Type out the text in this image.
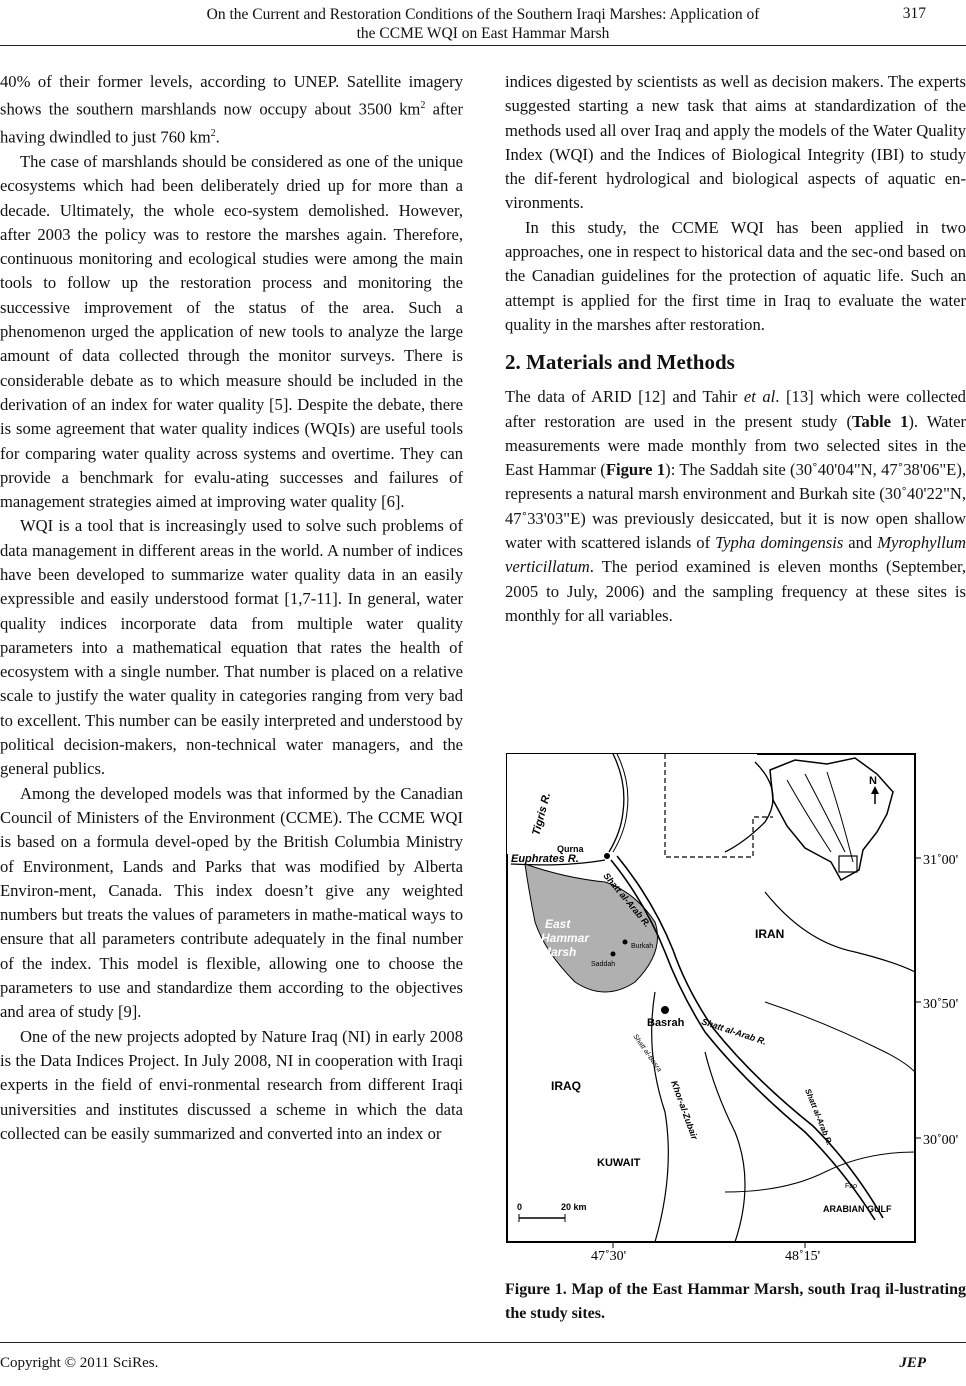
On the Current and Restoration Conditions of the Southern Iraqi Marshes: Application of
the CCME WQI on East Hammar Marsh
317

40% of their former levels, according to UNEP. Satellite imagery shows the southern marshlands now occupy about 3500 $km^2$ after having dwindled to just 760 $km^2$.

The case of marshlands should be considered as one of the unique ecosystems which had been deliberately dried up for more than a decade. Ultimately, the whole eco-system demolished. However, after 2003 the policy was to restore the marshes again. Therefore, continuous monitoring and ecological studies were among the main tools to follow up the restoration process and monitoring the successive improvement of the status of the area. Such a phenomenon urged the application of new tools to analyze the large amount of data collected through the monitor surveys. There is considerable debate as to which measure should be included in the derivation of an index for water quality [5]. Despite the debate, there is some agreement that water quality indices (WQIs) are useful tools for comparing water quality across systems and overtime. They can provide a benchmark for evalu-ating successes and failures of management strategies aimed at improving water quality [6].

WQI is a tool that is increasingly used to solve such problems of data management in different areas in the world. A number of indices have been developed to summarize water quality data in an easily expressible and easily understood format [1,7-11]. In general, water quality indices incorporate data from multiple water quality parameters into a mathematical equation that rates the health of ecosystem with a single number. That number is placed on a relative scale to justify the water quality in categories ranging from very bad to excellent. This number can be easily interpreted and understood by political decision-makers, non-technical water managers, and the general publics.

Among the developed models was that informed by the Canadian Council of Ministers of the Environment (CCME). The CCME WQI is based on a formula devel-oped by the British Columbia Ministry of Environment, Lands and Parks that was modified by Alberta Environ-ment, Canada. This index doesn’t give any weighted numbers but treats the values of parameters in mathe-matical ways to ensure that all parameters contribute adequately in the final number of the index. This model is flexible, allowing one to choose the parameters to use and standardize them according to the objectives and area of study [9].

One of the new projects adopted by Nature Iraq (NI) in early 2008 is the Data Indices Project. In July 2008, NI in cooperation with Iraqi experts in the field of envi-ronmental research from different Iraqi universities and institutes discussed a scheme in which the data collected can be easily summarized and converted into an index or

indices digested by scientists as well as decision makers. The experts suggested starting a new task that aims at standardization of the methods used all over Iraq and apply the models of the Water Quality Index (WQI) and the Indices of Biological Integrity (IBI) to study the dif-ferent hydrological and biological aspects of aquatic en-vironments.

In this study, the CCME WQI has been applied in two approaches, one in respect to historical data and the sec-ond based on the Canadian guidelines for the protection of aquatic life. Such an attempt is applied for the first time in Iraq to evaluate the water quality in the marshes after restoration.

2. Materials and Methods

The data of ARID [12] and Tahir et al. [13] which were collected after restoration are used in the present study (Table 1). Water measurements were made monthly from two selected sites in the East Hammar (Figure 1): The Saddah site (30˚40'04"N, 47˚38'06"E), represents a natural marsh environment and Burkah site (30˚40'22"N, 47˚33'03"E) was previously desiccated, but it is now open shallow water with scattered islands of Typha domingensis and Myrophyllum verticillatum. The period examined is eleven months (September, 2005 to July, 2006) and the sampling frequency at these sites is monthly for all variables.

N
Tigris R.
Qurna
Euphrates R.
Shatt al-Arab R.
East
Hammar
Marsh	Burkah
Saddah
Basrah
IRAN
Shatt al-Arab R.
Shatt al-Basra
Khor-al-Zubair
IRAQ
Shatt al-Arab R.
KUWAIT
Fao
ARABIAN GULF
0	20 km
31˚00'
30˚50'
30˚00'
47˚30'	48˚15'
Figure 1. Map of the East Hammar Marsh, south Iraq il-lustrating the study sites.
Copyright © 2011 SciRes.	JEP
